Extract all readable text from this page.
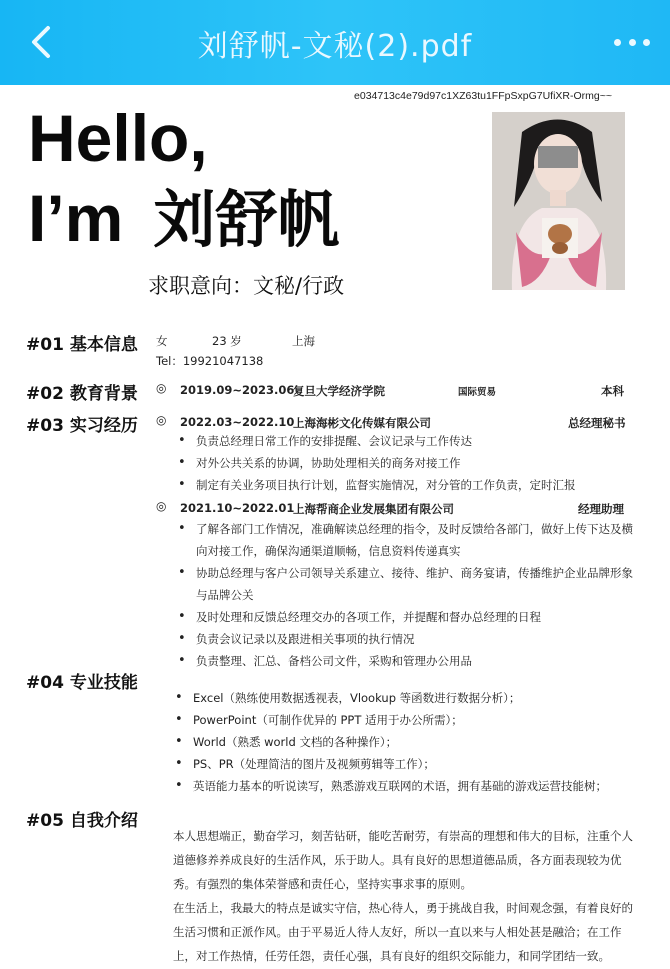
刘舒帆-文秘(2).pdf
e034713c4e79d97c1XZ63tu1FFpSxpG7UfiXR-Ormg~~
Hello,
I’m 刘舒帆
求职意向：文秘/行政
#01 基本信息 女	23 岁	上海
Tel：19921047138
#02 教育背景 ◎ 2019.09~2023.06
复旦大学经济学院	国际贸易	本科
#03 实习经历 ◎ 2022.03~2022.10
上海海彬文化传媒有限公司	总经理秘书
• 负责总经理日常工作的安排提醒、会议记录与工作传达
• 对外公共关系的协调，协助处理相关的商务对接工作
• 制定有关业务项目执行计划，监督实施情况，对分管的工作负责，定时汇报
◎ 2021.10~2022.01
上海帮商企业发展集团有限公司	经理助理
• 了解各部门工作情况，准确解读总经理的指令，及时反馈给各部门，做好上传下达及横向对接工作，确保沟通渠道顺畅，信息资料传递真实
• 协助总经理与客户公司领导关系建立、接待、维护、商务宴请，传播维护企业品牌形象与品牌公关
• 及时处理和反馈总经理交办的各项工作，并提醒和督办总经理的日程
• 负责会议记录以及跟进相关事项的执行情况
• 负责整理、汇总、备档公司文件，采购和管理办公用品
#04 专业技能
• Excel（熟练使用数据透视表，Vlookup 等函数进行数据分析）；
• PowerPoint（可制作优异的 PPT 适用于办公所需）；
• World（熟悉 world 文档的各种操作）；
• PS、PR（处理简洁的图片及视频剪辑等工作）；
• 英语能力基本的听说读写，熟悉游戏互联网的术语，拥有基础的游戏运营技能树；
#05 自我介绍
本人思想端正，勤奋学习，刻苦钻研，能吃苦耐劳，有崇高的理想和伟大的目标，注重个人道德修养养成良好的生活作风，乐于助人。具有良好的思想道德品质，各方面表现较为优秀。有强烈的集体荣誉感和责任心，坚持实事求事的原则。
在生活上，我最大的特点是诚实守信，热心待人，勇于挑战自我，时间观念强，有着良好的生活习惯和正派作风。由于平易近人待人友好，所以一直以来与人相处甚是融洽；在工作上，对工作热情，任劳任怨，责任心强，具有良好的组织交际能力，和同学团结一致。
